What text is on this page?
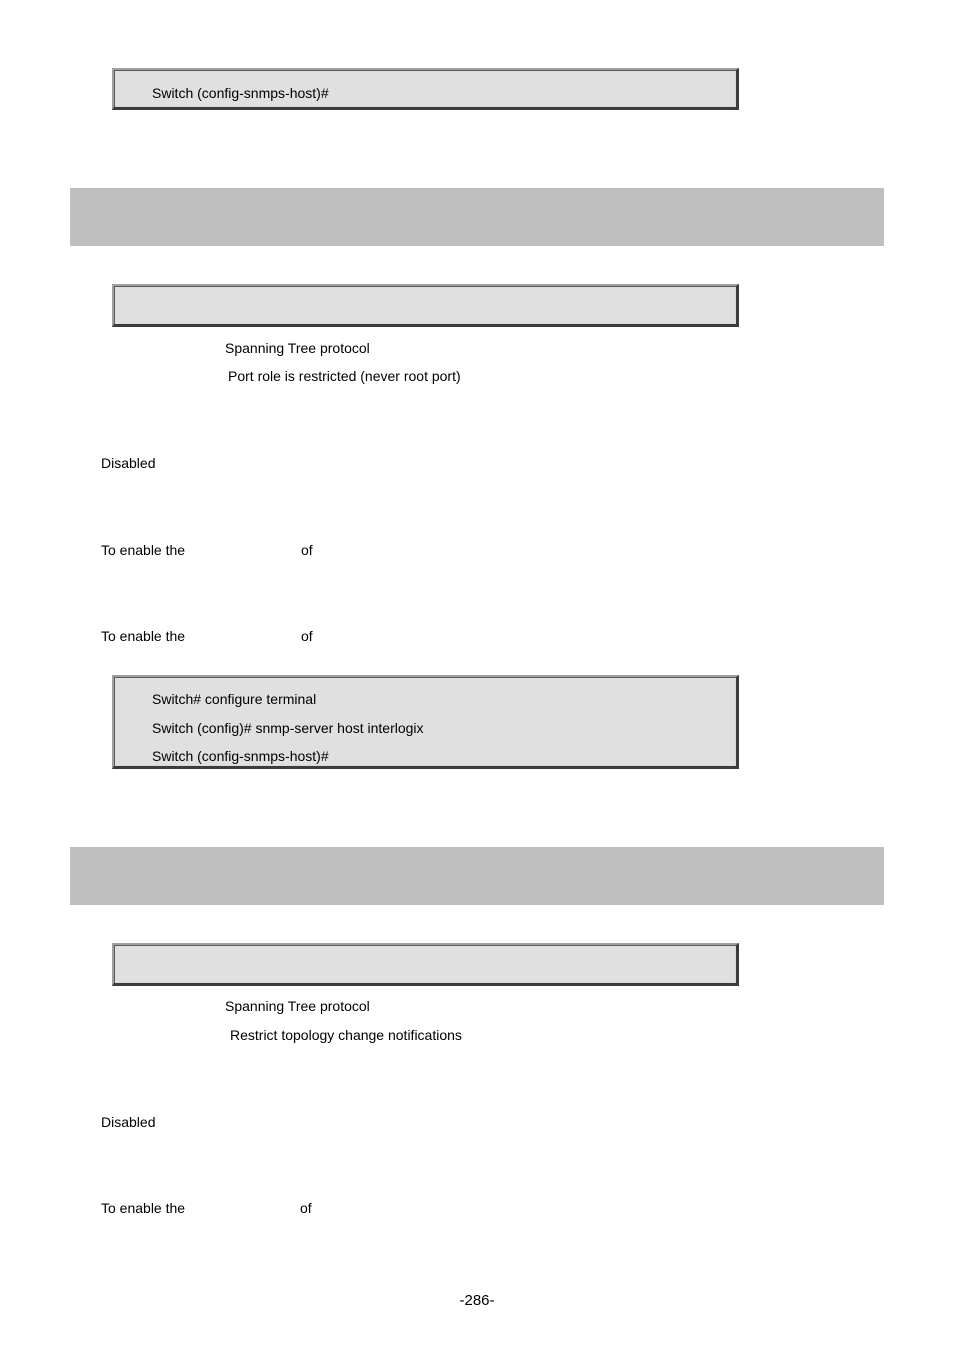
Switch (config-snmps-host)#
Spanning Tree protocol
Port role is restricted (never root port)
Disabled
To enable the	of
To enable the	of
Switch# configure terminal
Switch (config)# snmp-server host interlogix
Switch (config-snmps-host)#
Spanning Tree protocol
Restrict topology change notifications
Disabled
To enable the	of
-286-
